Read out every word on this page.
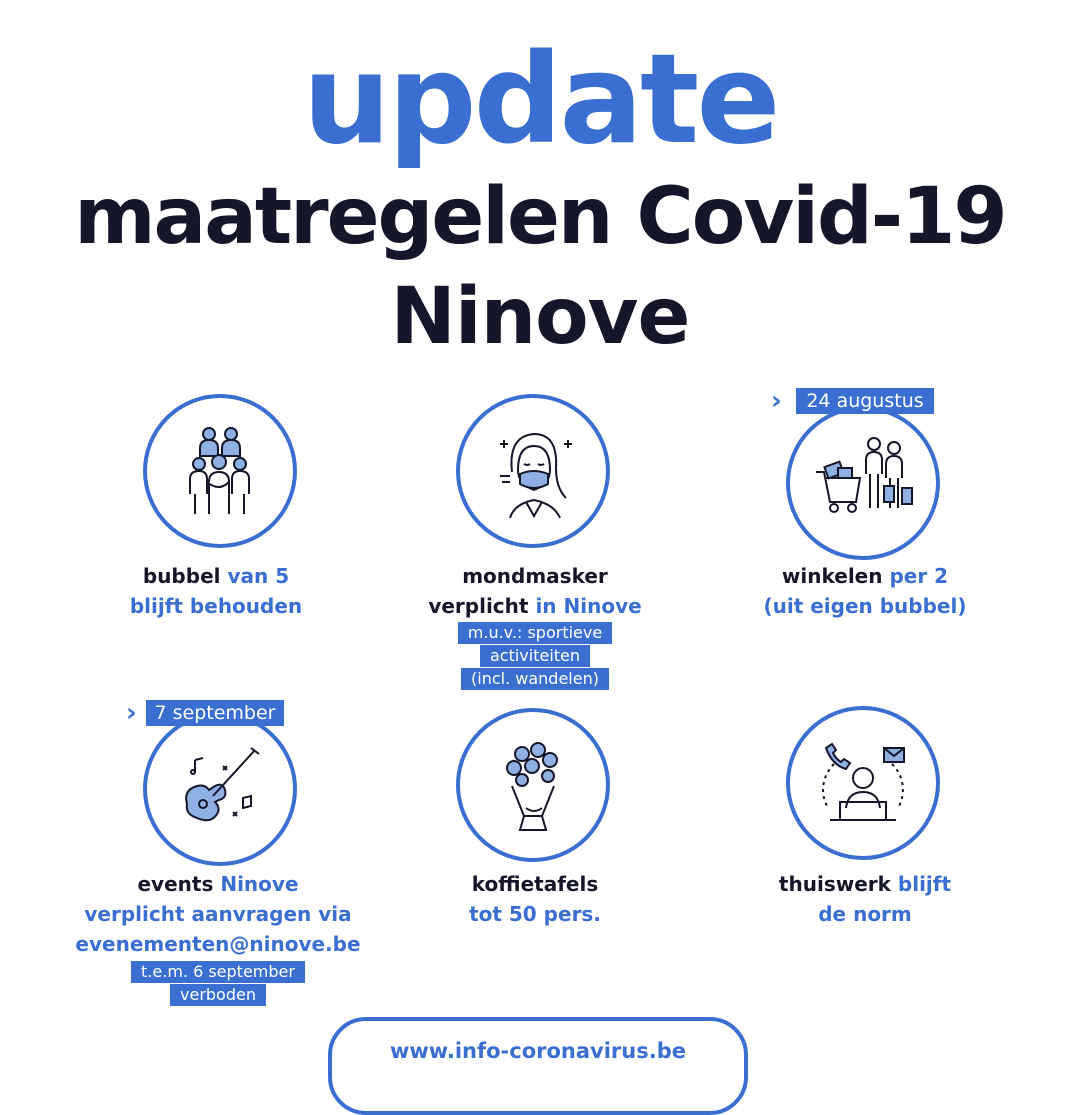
update
maatregelen Covid-19
Ninove
bubbel van 5
blijft behouden
mondmasker
verplicht in Ninove
m.u.v.: sportieve
activiteiten
(incl. wandelen)
›	24 augustus
winkelen per 2
(uit eigen bubbel)
› 7 september
events Ninove
verplicht aanvragen via
evenementen@ninove.be
t.e.m. 6 september
verboden
koffietafels
tot 50 pers.
thuiswerk blijft
de norm
www.info-coronavirus.be
